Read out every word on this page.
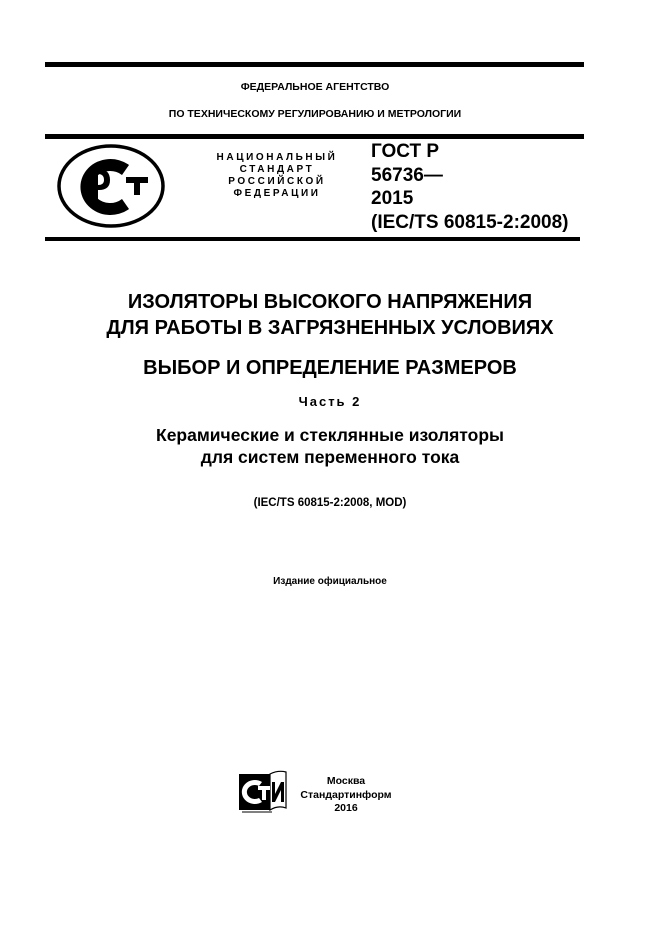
ФЕДЕРАЛЬНОЕ АГЕНТСТВО
ПО ТЕХНИЧЕСКОМУ РЕГУЛИРОВАНИЮ И МЕТРОЛОГИИ
НАЦИОНАЛЬНЫЙ
СТАНДАРТ
РОССИЙСКОЙ
ФЕДЕРАЦИИ
ГОСТ Р
56736—
2015
(IEC/TS 60815-2:2008)
ИЗОЛЯТОРЫ ВЫСОКОГО НАПРЯЖЕНИЯ
ДЛЯ РАБОТЫ В ЗАГРЯЗНЕННЫХ УСЛОВИЯХ
ВЫБОР И ОПРЕДЕЛЕНИЕ РАЗМЕРОВ
Часть 2
Керамические и стеклянные изоляторы
для систем переменного тока
(IEC/TS 60815-2:2008, MOD)
Издание официальное
Москва
Стандартинформ
2016
